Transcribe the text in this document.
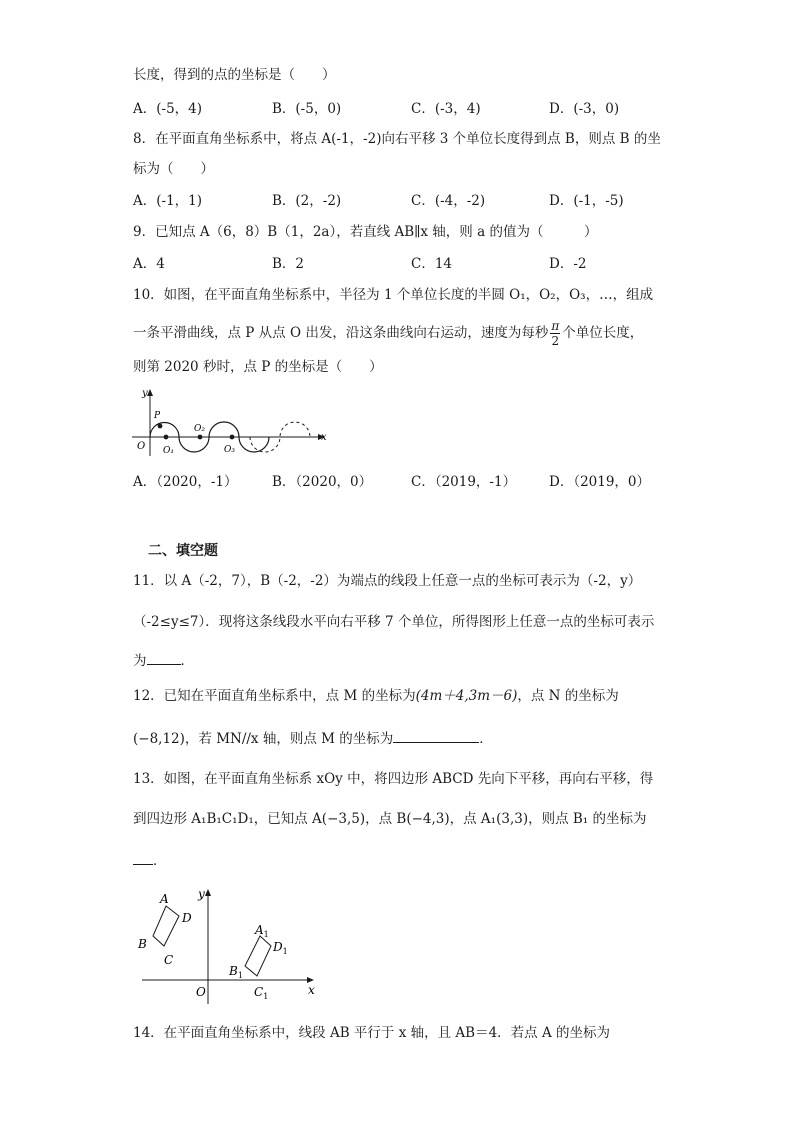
长度，得到的点的坐标是（　　）
A．(-5，4)	B．(-5，0)	C．(-3，4)	D．(-3，0)
8．在平面直角坐标系中，将点 A(-1，-2)向右平移 3 个单位长度得到点 B，则点 B 的坐
标为（　　）
A．(-1，1)	B．(2，-2)	C．(-4，-2)	D．(-1，-5)
9．已知点 A（6，8）B（1，2a），若直线 AB∥x 轴，则 a 的值为（　　　）
A．4	B．2	C．14	D．-2
10．如图，在平面直角坐标系中，半径为 1 个单位长度的半圆 O₁，O₂，O₃，…，组成
一条平滑曲线，点 P 从点 O 出发，沿这条曲线向右运动，速度为每秒 $\frac{\pi}{2}$ 个单位长度，
则第 2020 秒时，点 P 的坐标是（　　）
y
x
O
P
O₁
O₂
O₃
A．（2020，-1）	B．（2020，0）	C．（2019，-1） D．（2019，0）
二、填空题
11．以 A（-2，7），B（-2，-2）为端点的线段上任意一点的坐标可表示为（-2，y）
（-2≤y≤7）．现将这条线段水平向右平移 7 个单位，所得图形上任意一点的坐标可表示
为	．
12．已知在平面直角坐标系中，点 M 的坐标为(4m＋4,3m－6)，点 N 的坐标为
(−8,12)，若 MN//x 轴，则点 M 的坐标为	．
13．如图，在平面直角坐标系 xOy 中，将四边形 ABCD 先向下平移，再向右平移，得
到四边形 A₁B₁C₁D₁，已知点 A(−3,5)，点 B(−4,3)，点 A₁(3,3)，则点 B₁ 的坐标为
．
A
D
B
C
$A_1$
$D_1$
$B_1$
$C_1$
O	x
y
14．在平面直角坐标系中，线段 AB 平行于 x 轴，且 AB＝4．若点 A 的坐标为
